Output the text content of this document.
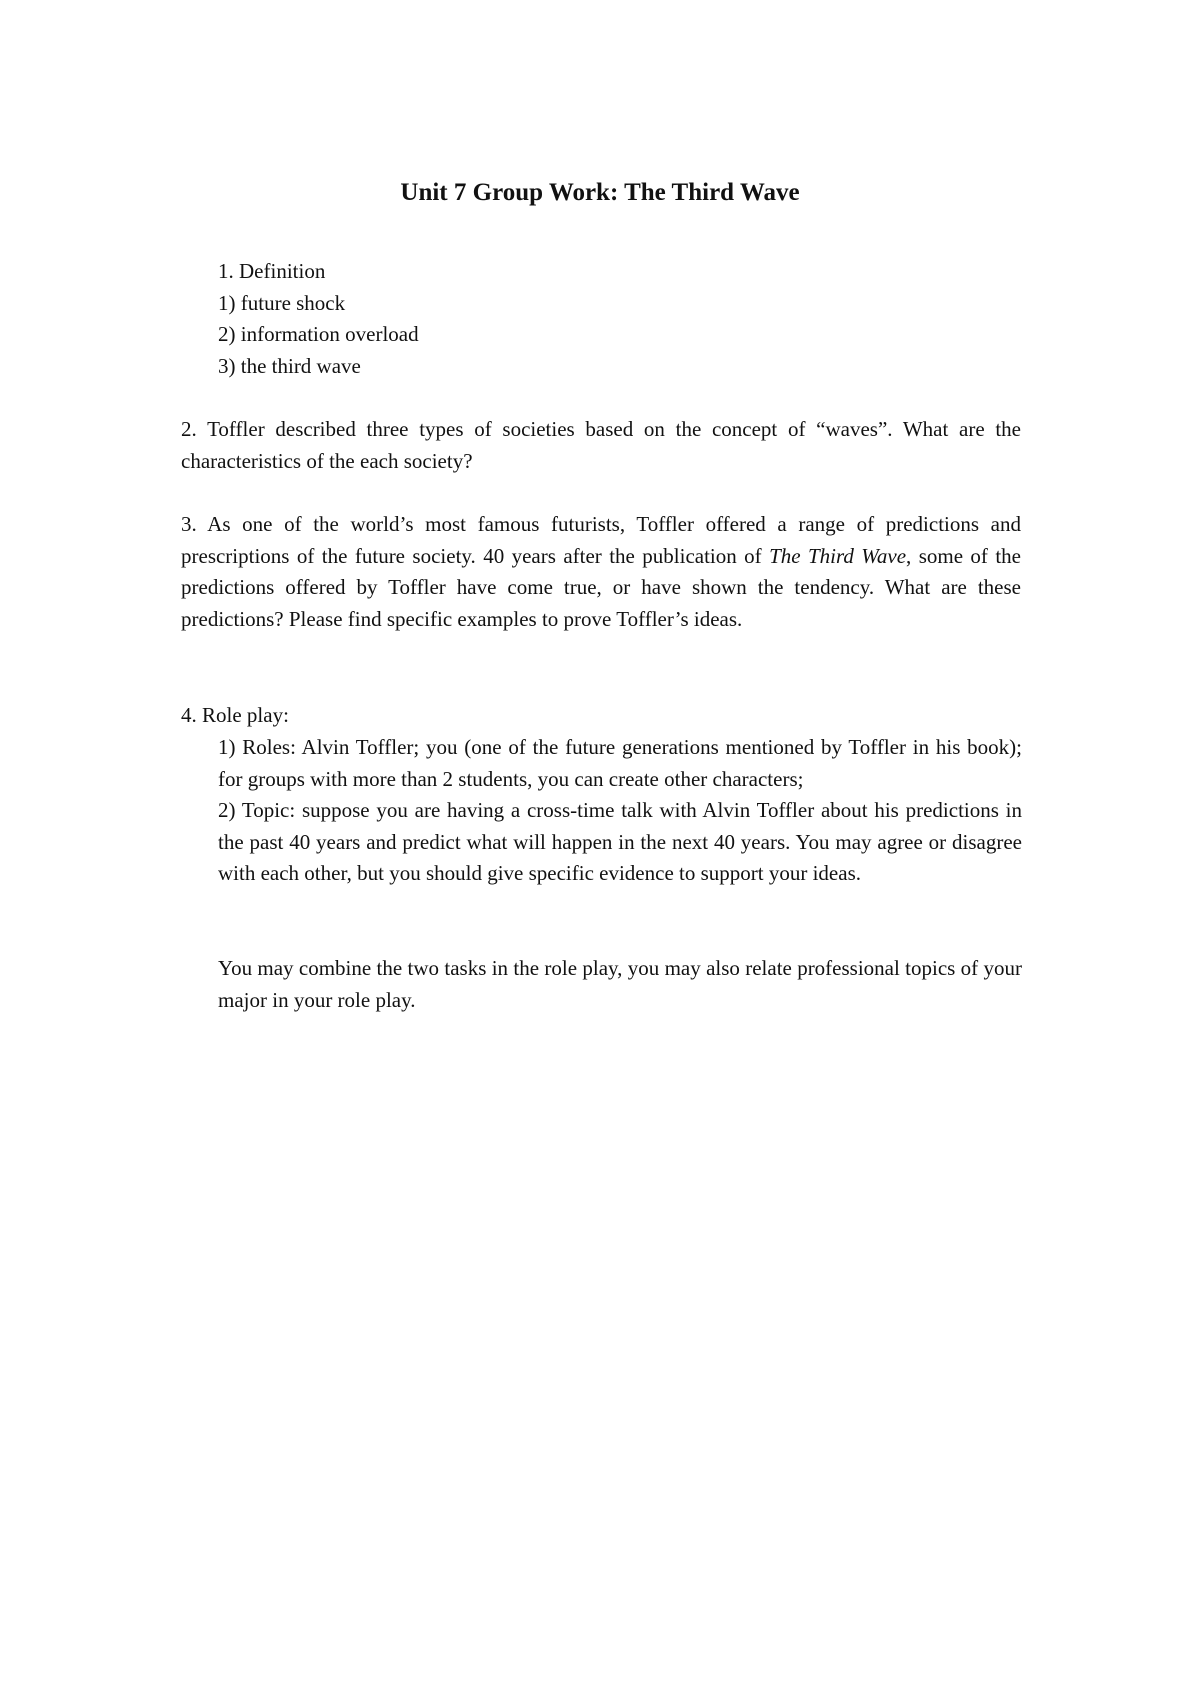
Unit 7 Group Work: The Third Wave
1. Definition
1) future shock
2) information overload
3) the third wave

2. Toffler described three types of societies based on the concept of “waves”. What are the characteristics of the each society?

3. As one of the world’s most famous futurists, Toffler offered a range of predictions and prescriptions of the future society. 40 years after the publication of The Third Wave, some of the predictions offered by Toffler have come true, or have shown the tendency. What are these predictions? Please find specific examples to prove Toffler’s ideas.

4. Role play:

1) Roles: Alvin Toffler; you (one of the future generations mentioned by Toffler in his book); for groups with more than 2 students, you can create other characters;

2) Topic: suppose you are having a cross-time talk with Alvin Toffler about his predictions in the past 40 years and predict what will happen in the next 40 years. You may agree or disagree with each other, but you should give specific evidence to support your ideas.

You may combine the two tasks in the role play, you may also relate professional topics of your major in your role play.
